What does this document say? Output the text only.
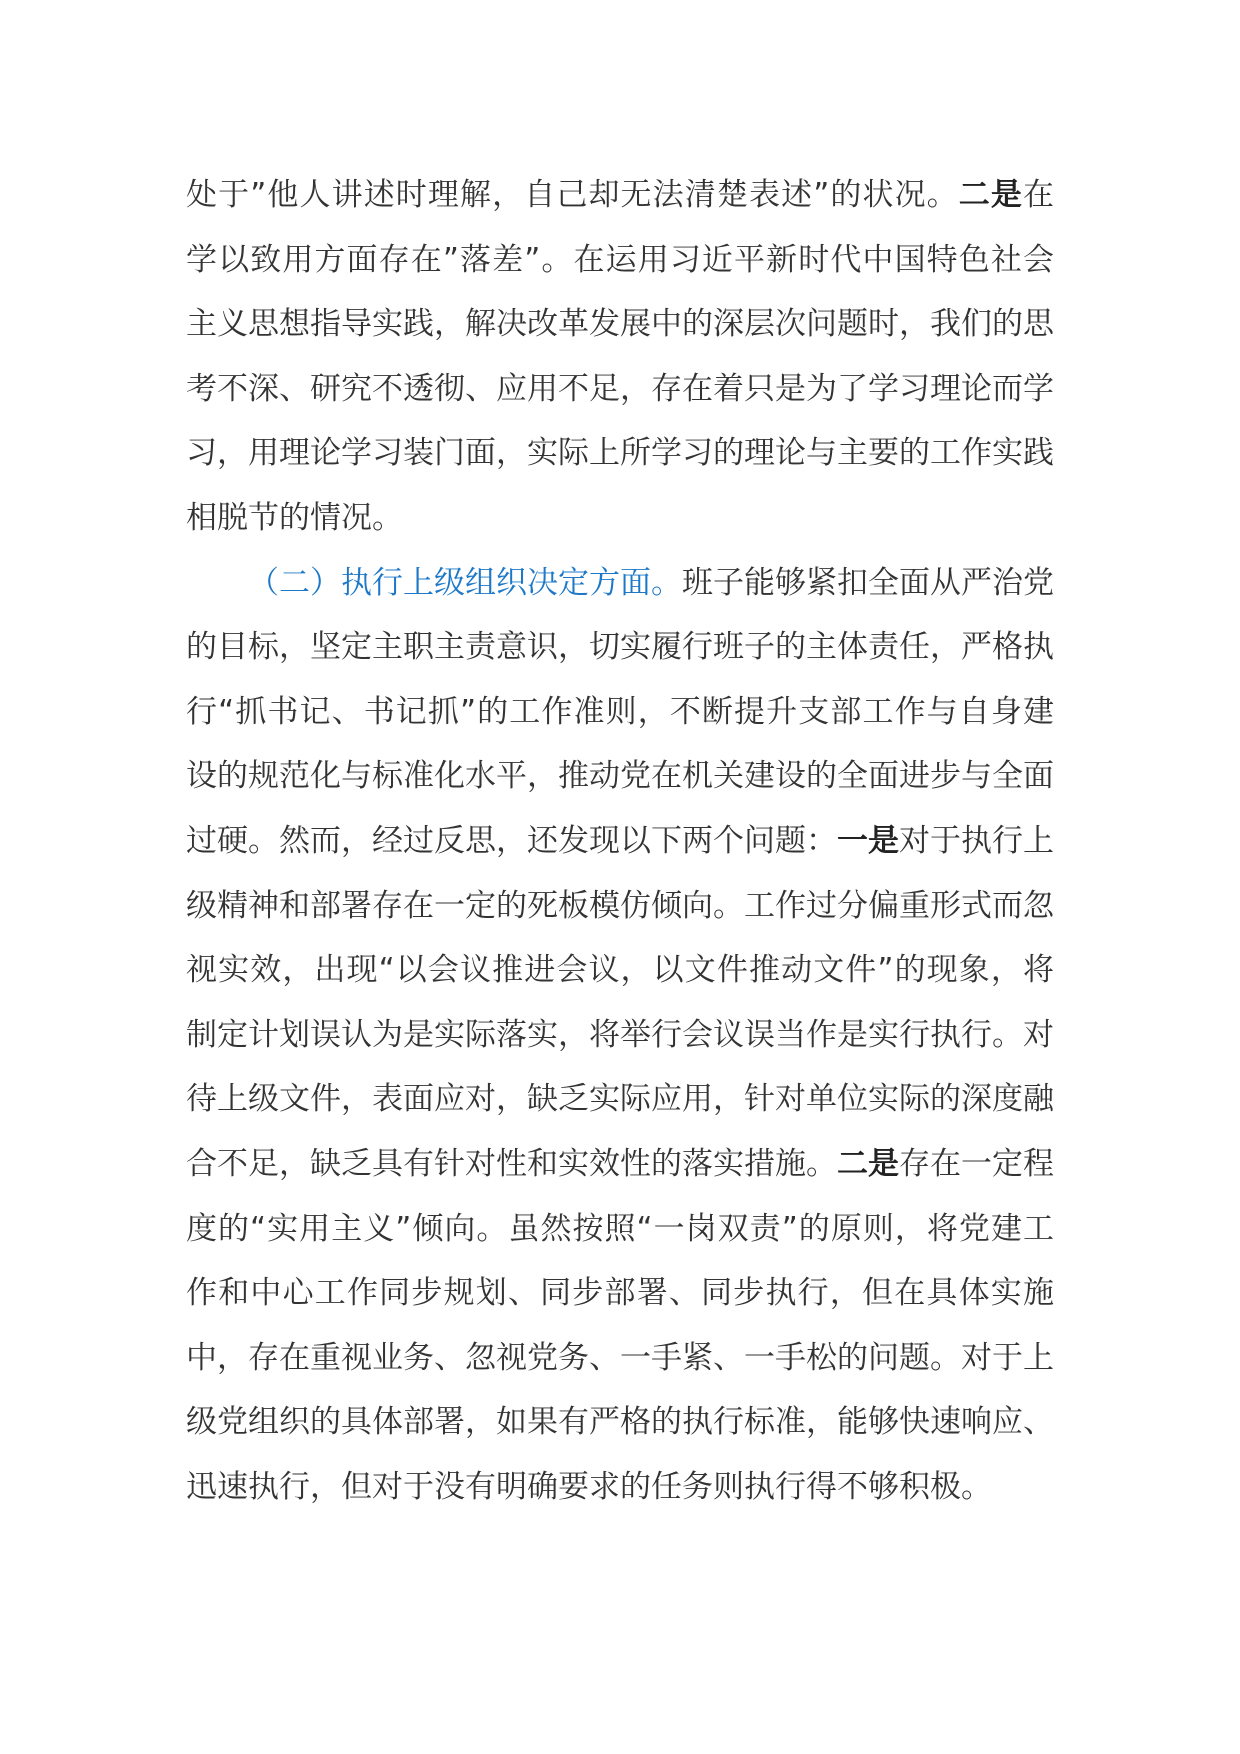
处于”他人讲述时理解，自己却无法清楚表述”的状况。二是在学以致用方面存在”落差”。在运用习近平新时代中国特色社会主义思想指导实践，解决改革发展中的深层次问题时，我们的思考不深、研究不透彻、应用不足，存在着只是为了学习理论而学习，用理论学习装门面，实际上所学习的理论与主要的工作实践相脱节的情况。

（二）执行上级组织决定方面。班子能够紧扣全面从严治党的目标，坚定主职主责意识，切实履行班子的主体责任，严格执行“抓书记、书记抓”的工作准则，不断提升支部工作与自身建设的规范化与标准化水平，推动党在机关建设的全面进步与全面过硬。然而，经过反思，还发现以下两个问题：一是对于执行上级精神和部署存在一定的死板模仿倾向。工作过分偏重形式而忽视实效，出现“以会议推进会议，以文件推动文件”的现象，将制定计划误认为是实际落实，将举行会议误当作是实行执行。对待上级文件，表面应对，缺乏实际应用，针对单位实际的深度融合不足，缺乏具有针对性和实效性的落实措施。二是存在一定程度的“实用主义”倾向。虽然按照“一岗双责”的原则，将党建工作和中心工作同步规划、同步部署、同步执行，但在具体实施中，存在重视业务、忽视党务、一手紧、一手松的问题。对于上级党组织的具体部署，如果有严格的执行标准，能够快速响应、迅速执行，但对于没有明确要求的任务则执行得不够积极。
